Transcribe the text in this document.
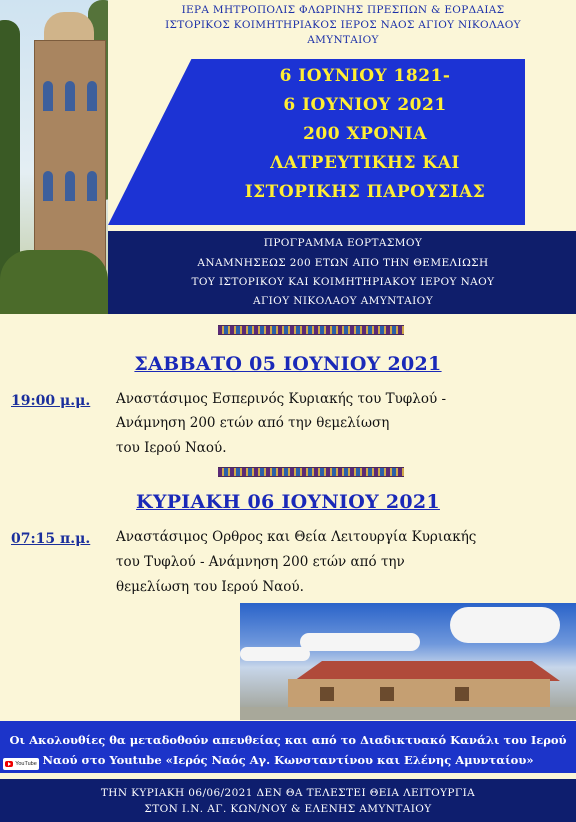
ΙΕΡΑ ΜΗΤΡΟΠΟΛΙΣ ΦΛΩΡΙΝΗΣ ΠΡΕΣΠΩΝ & ΕΟΡΔΑΙΑΣ
ΙΣΤΟΡΙΚΟΣ ΚΟΙΜΗΤΗΡΙΑΚΟΣ ΙΕΡΟΣ ΝΑΟΣ ΑΓΙΟΥ ΝΙΚΟΛΑΟΥ
ΑΜΥΝΤΑΙΟΥ
6 ΙΟΥΝΙΟΥ 1821-
6 ΙΟΥΝΙΟΥ 2021
200 ΧΡΟΝΙΑ
ΛΑΤΡΕΥΤΙΚΗΣ ΚΑΙ
ΙΣΤΟΡΙΚΗΣ ΠΑΡΟΥΣΙΑΣ
ΠΡΟΓΡΑΜΜΑ ΕΟΡΤΑΣΜΟΥ
ΑΝΑΜΝΗΣΕΩΣ 200 ΕΤΩΝ ΑΠΟ ΤΗΝ ΘΕΜΕΛΙΩΣΗ
ΤΟΥ ΙΣΤΟΡΙΚΟΥ ΚΑΙ ΚΟΙΜΗΤΗΡΙΑΚΟΥ ΙΕΡΟΥ ΝΑΟΥ
ΑΓΙΟΥ ΝΙΚΟΛΑΟΥ ΑΜΥΝΤΑΙΟΥ
ΣΑΒΒΑΤΟ 05 ΙΟΥΝΙΟΥ 2021
19:00 μ.μ. Αναστάσιμος Εσπερινός Κυριακής του Τυφλού -
Ανάμνηση 200 ετών από την θεμελίωση
του Ιερού Ναού.
ΚΥΡΙΑΚΗ 06 ΙΟΥΝΙΟΥ 2021
07:15 π.μ. Αναστάσιμος Ορθρος και Θεία Λειτουργία Κυριακής
του Τυφλού - Ανάμνηση 200 ετών από την
θεμελίωση του Ιερού Ναού.
Οι Ακολουθίες θα μεταδοθούν απευθείας και από το Διαδικτυακό Κανάλι του Ιερού
Ναού στο Youtube «Ιερός Ναός Αγ. Κωνσταντίνου και Ελένης Αμυνταίου»
YouTube
ΤΗΝ ΚΥΡΙΑΚΗ 06/06/2021 ΔΕΝ ΘΑ ΤΕΛΕΣΤΕΙ ΘΕΙΑ ΛΕΙΤΟΥΡΓΙΑ
ΣΤΟΝ Ι.Ν. ΑΓ. ΚΩΝ/ΝΟΥ & ΕΛΕΝΗΣ ΑΜΥΝΤΑΙΟΥ
